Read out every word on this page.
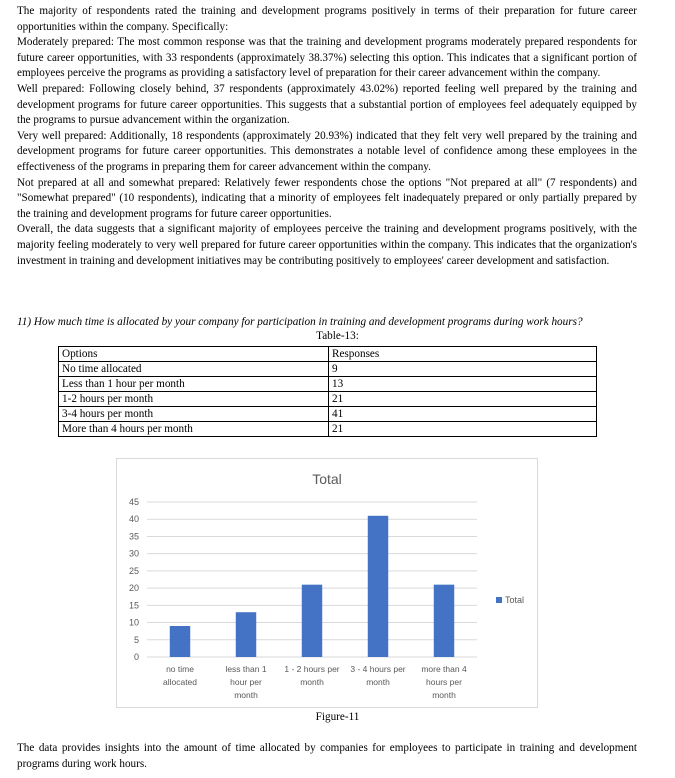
The majority of respondents rated the training and development programs positively in terms of their preparation for future career opportunities within the company. Specifically:

Moderately prepared: The most common response was that the training and development programs moderately prepared respondents for future career opportunities, with 33 respondents (approximately 38.37%) selecting this option. This indicates that a significant portion of employees perceive the programs as providing a satisfactory level of preparation for their career advancement within the company.

Well prepared: Following closely behind, 37 respondents (approximately 43.02%) reported feeling well prepared by the training and development programs for future career opportunities. This suggests that a substantial portion of employees feel adequately equipped by the programs to pursue advancement within the organization.

Very well prepared: Additionally, 18 respondents (approximately 20.93%) indicated that they felt very well prepared by the training and development programs for future career opportunities. This demonstrates a notable level of confidence among these employees in the effectiveness of the programs in preparing them for career advancement within the company.

Not prepared at all and somewhat prepared: Relatively fewer respondents chose the options "Not prepared at all" (7 respondents) and "Somewhat prepared" (10 respondents), indicating that a minority of employees felt inadequately prepared or only partially prepared by the training and development programs for future career opportunities.

Overall, the data suggests that a significant majority of employees perceive the training and development programs positively, with the majority feeling moderately to very well prepared for future career opportunities within the company. This indicates that the organization's investment in training and development initiatives may be contributing positively to employees' career development and satisfaction.

11) How much time is allocated by your company for participation in training and development programs during work hours?
Table-13:
Options	Responses
No time allocated	9
Less than 1 hour per month	13
1-2 hours per month	21
3-4 hours per month	41
More than 4 hours per month	21
Total
0
5
10
15
20
25
30
35
40
45
no time allocated
less than 1 hour per month
1 - 2 hours per month
3 - 4 hours per month
more than 4 hours per month
Total
Figure-11
The data provides insights into the amount of time allocated by companies for employees to participate in training and development programs during work hours.
